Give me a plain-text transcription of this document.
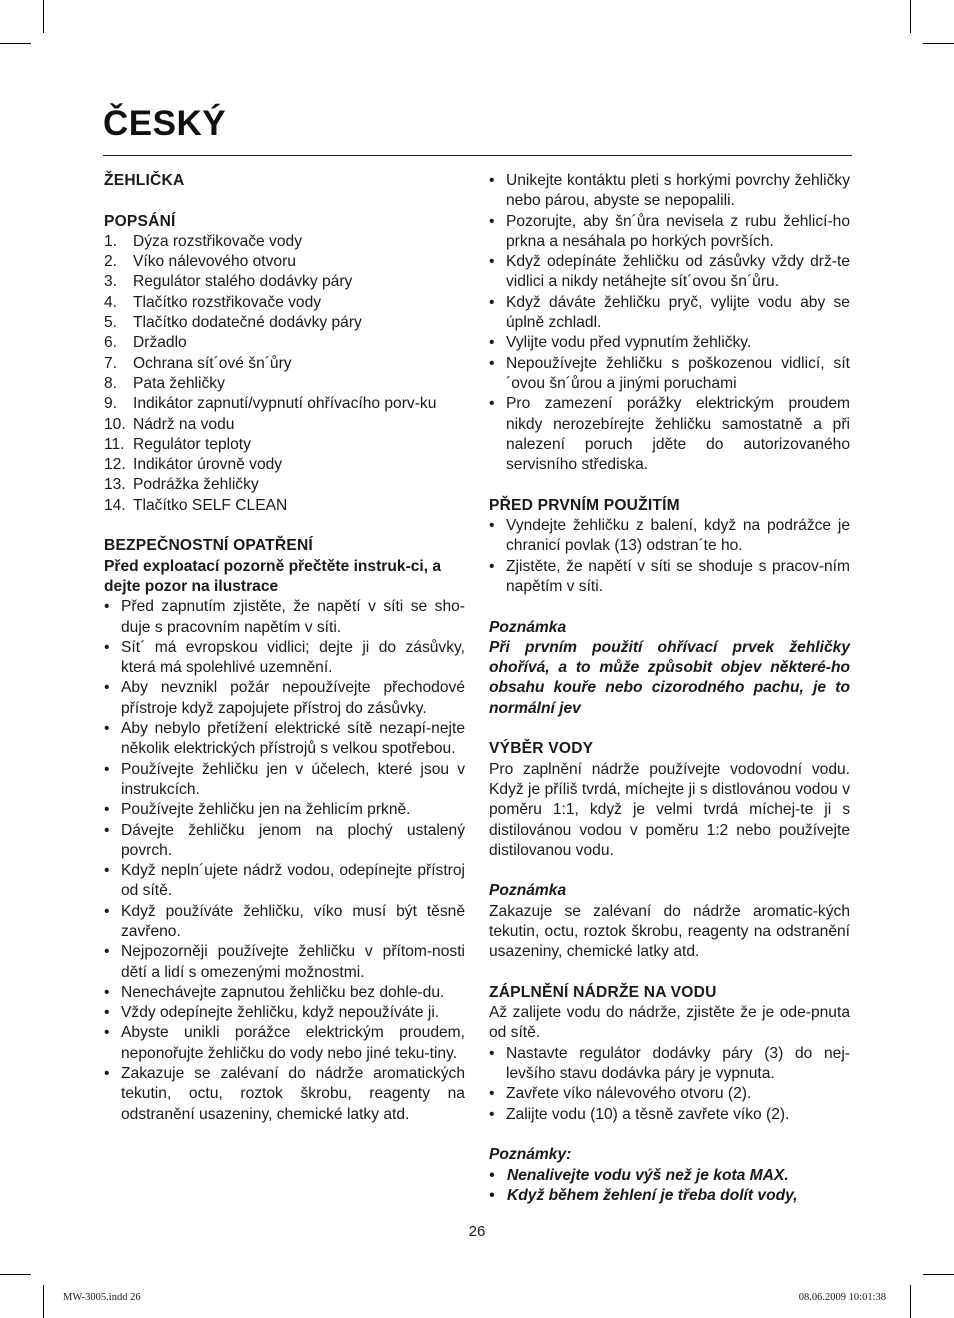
ČESKÝ
ŽEHLIČKA
POPSÁNÍ
1.	Dýza rozstřikovače vody
2.	Víko nálevového otvoru
3.	Regulátor stalého dodávky páry
4.	Tlačítko rozstřikovače vody
5.	Tlačítko dodatečné dodávky páry
6.	Držadlo
7.	Ochrana sít´ové šn´ůry
8.	Pata žehličky
9.	Indikátor zapnutí/vypnutí ohřívacího porv-ku
10. Nádrž na vodu
11. Regulátor teploty
12. Indikátor úrovně vody
13. Podrážka žehličky
14. Tlačítko SELF CLEAN
BEZPEČNOSTNÍ OPATŘENÍ
Před exploatací pozorně přečtěte instruk-ci, a dejte pozor na ilustrace
• Před zapnutím zjistěte, že napětí v síti se sho-duje s pracovním napětím v síti.
• Sít´ má evropskou vidlici; dejte ji do zásůvky, která má spolehlivé uzemnění.
• Aby nevznikl požár nepoužívejte přechodové přístroje když zapojujete přístroj do zásůvky.
• Aby nebylo přetížení elektrické sítě nezapí-nejte několik elektrických přístrojů s velkou spotřebou.
• Používejte žehličku jen v účelech, které jsou v instrukcích.
• Používejte žehličku jen na žehlicím prkně.
• Dávejte žehličku jenom na plochý ustalený povrch.
• Když nepln´ujete nádrž vodou, odepínejte přístroj od sítě.
• Když používáte žehličku, víko musí být těsně zavřeno.
• Nejpozorněji používejte žehličku v přítom-nosti dětí a lidí s omezenými možnostmi.
• Nenechávejte zapnutou žehličku bez dohle-du.
• Vždy odepínejte žehličku, když nepoužíváte ji.
• Abyste unikli porážce elektrickým proudem, neponořujte žehličku do vody nebo jiné teku-tiny.
• Zakazuje se zalévaní do nádrže aromatických tekutin, octu, roztok škrobu, reagenty na odstranění usazeniny, chemické latky atd.
• Unikejte kontáktu pleti s horkými povrchy žehličky nebo párou, abyste se nepopalili.
• Pozorujte, aby šn´ůra nevisela z rubu žehlicí-ho prkna a nesáhala po horkých površích.
• Když odepínáte žehličku od zásůvky vždy drž-te vidlici a nikdy netáhejte sít´ovou šn´ůru.
• Když dáváte žehličku pryč, vylijte vodu aby se úplně zchladl.
• Vylijte vodu před vypnutím žehličky.
• Nepoužívejte žehličku s poškozenou vidlicí, sít´ovou šn´ůrou a jinými poruchami
• Pro zamezení porážky elektrickým proudem nikdy nerozebírejte žehličku samostatně a při nalezení poruch jděte do autorizovaného servisního střediska.
PŘED PRVNÍM POUŽITÍM
• Vyndejte žehličku z balení, když na podrážce je chranicí povlak (13) odstran´te ho.
• Zjistěte, že napětí v síti se shoduje s pracov-ním napětím v síti.
Poznámka
Při prvním použití ohřívací prvek žehličky ohořívá, a to může způsobit objev některé-ho obsahu kouře nebo cizorodného pachu, je to normální jev
VÝBĚR VODY
Pro zaplnění nádrže používejte vodovodní vodu. Když je příliš tvrdá, míchejte ji s distlovánou vodou v poměru 1:1, když je velmi tvrdá míchej-te ji s distilovánou vodou v poměru 1:2 nebo používejte distilovanou vodu.
Poznámka
Zakazuje se zalévaní do nádrže aromatic-kých tekutin, octu, roztok škrobu, reagenty na odstranění usazeniny, chemické latky atd.
ZÁPLNĚNÍ NÁDRŽE NA VODU
Až zalijete vodu do nádrže, zjistěte že je ode-pnuta od sítě.
• Nastavte regulátor dodávky páry (3) do nej-levšího stavu dodávka páry je vypnuta.
• Zavřete víko nálevového otvoru (2).
• Zalijte vodu (10) a těsně zavřete víko (2).
Poznámky:
• Nenalivejte vodu výš než je kota MAX.
• Když během žehlení je třeba dolít vody,
26
MW-3005.indd 26	08.06.2009 10:01:38
